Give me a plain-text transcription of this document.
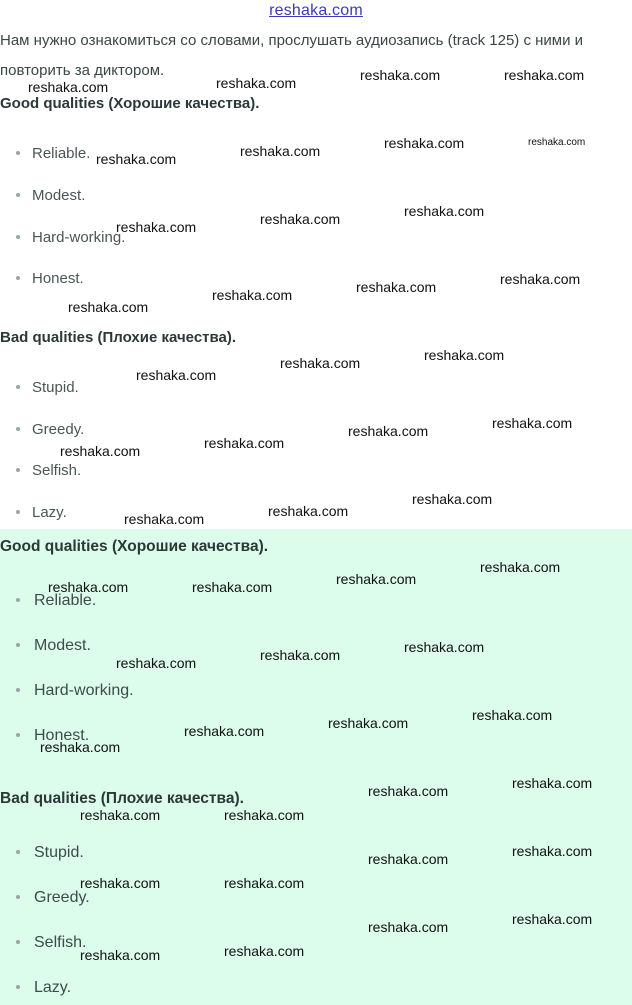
reshaka.com
Нам нужно ознакомиться со словами, прослушать аудиозапись (track 125) с ними и повторить за диктором.
Good qualities (Хорошие качества).
Reliable.
Modest.
Hard-working.
Honest.
Bad qualities (Плохие качества).
Stupid.
Greedy.
Selfish.
Lazy.
Good qualities (Хорошие качества).
Reliable.
Modest.
Hard-working.
Honest.
Bad qualities (Плохие качества).
Stupid.
Greedy.
Selfish.
Lazy.
reshaka.com	reshaka.com	reshaka.com
reshaka.com
reshaka.com	reshaka.com	reshaka.com	reshaka.com
reshaka.com	reshaka.com	reshaka.com
reshaka.com
reshaka.com	reshaka.com	reshaka.com
reshaka.com
reshaka.com	reshaka.com
reshaka.com	reshaka.com
reshaka.com	reshaka.com
reshaka.com	reshaka.com
reshaka.com
reshaka.com	reshaka.com	reshaka.com
reshaka.com
reshaka.com	reshaka.com	reshaka.com
reshaka.com
reshaka.com	reshaka.com	reshaka.com
reshaka.com	reshaka.com
reshaka.com	reshaka.com
reshaka.com	reshaka.com
reshaka.com	reshaka.com
reshaka.com	reshaka.com
reshaka.com	reshaka.com
